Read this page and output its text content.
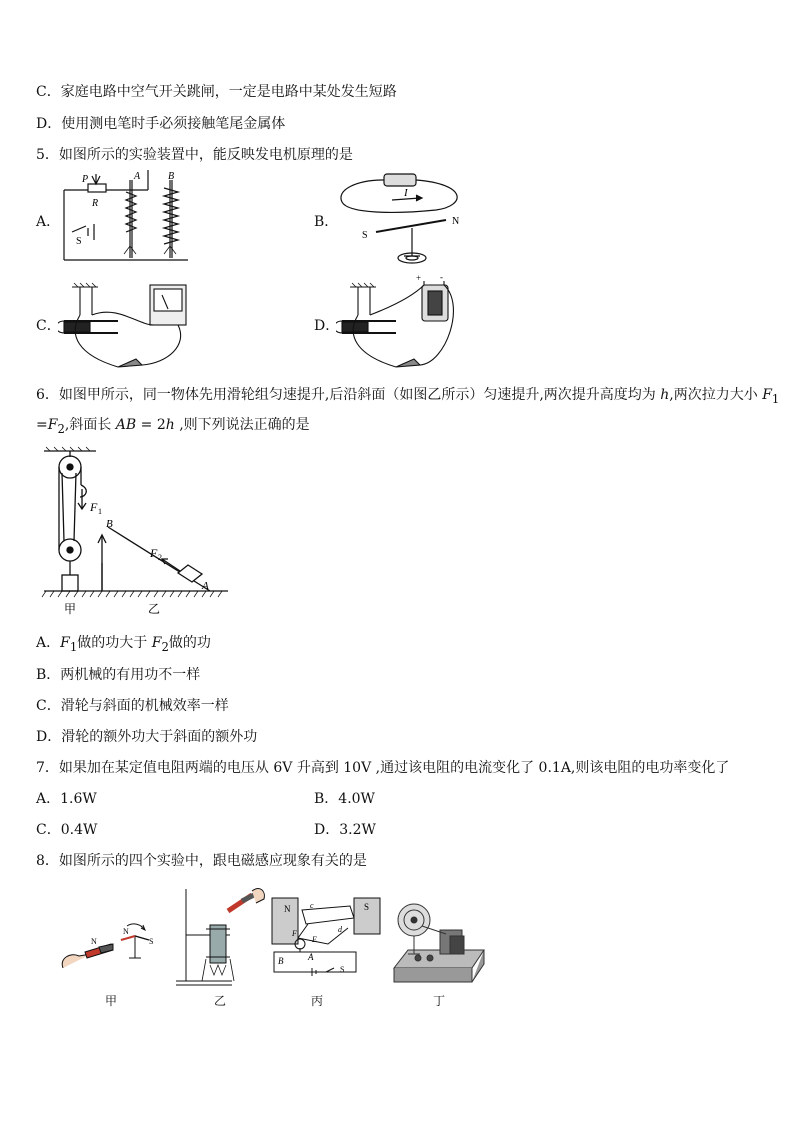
C．家庭电路中空气开关跳闸，一定是电路中某处发生短路
D．使用测电笔时手必须接触笔尾金属体
5．如图所示的实验装置中，能反映发电机原理的是
A．
P
R
S
A	B
B．
I
N
S
C．	D．
+ -
6．如图甲所示，同一物体先用滑轮组匀速提升,后沿斜面（如图乙所示）匀速提升,两次提升高度均为 h,两次拉力大小 $F_1$
$=F_2$,斜面长 AB = 2h ,则下列说法正确的是
F 1
B
F 2
A
甲	乙
A．$F_1$做的功大于 $F_2$做的功
B．两机械的有用功不一样
C．滑轮与斜面的机械效率一样
D．滑轮的额外功大于斜面的额外功
7．如果加在某定值电阻两端的电压从 6V 升高到 10V ,通过该电阻的电流变化了 0.1A,则该电阻的电功率变化了
A．1.6W	B．4.0W
C．0.4W	D．3.2W
8．如图所示的四个实验中，跟电磁感应现象有关的是
N
N
S
甲	乙
N	S
B	A
E
F
c
d
S
丙	丁
